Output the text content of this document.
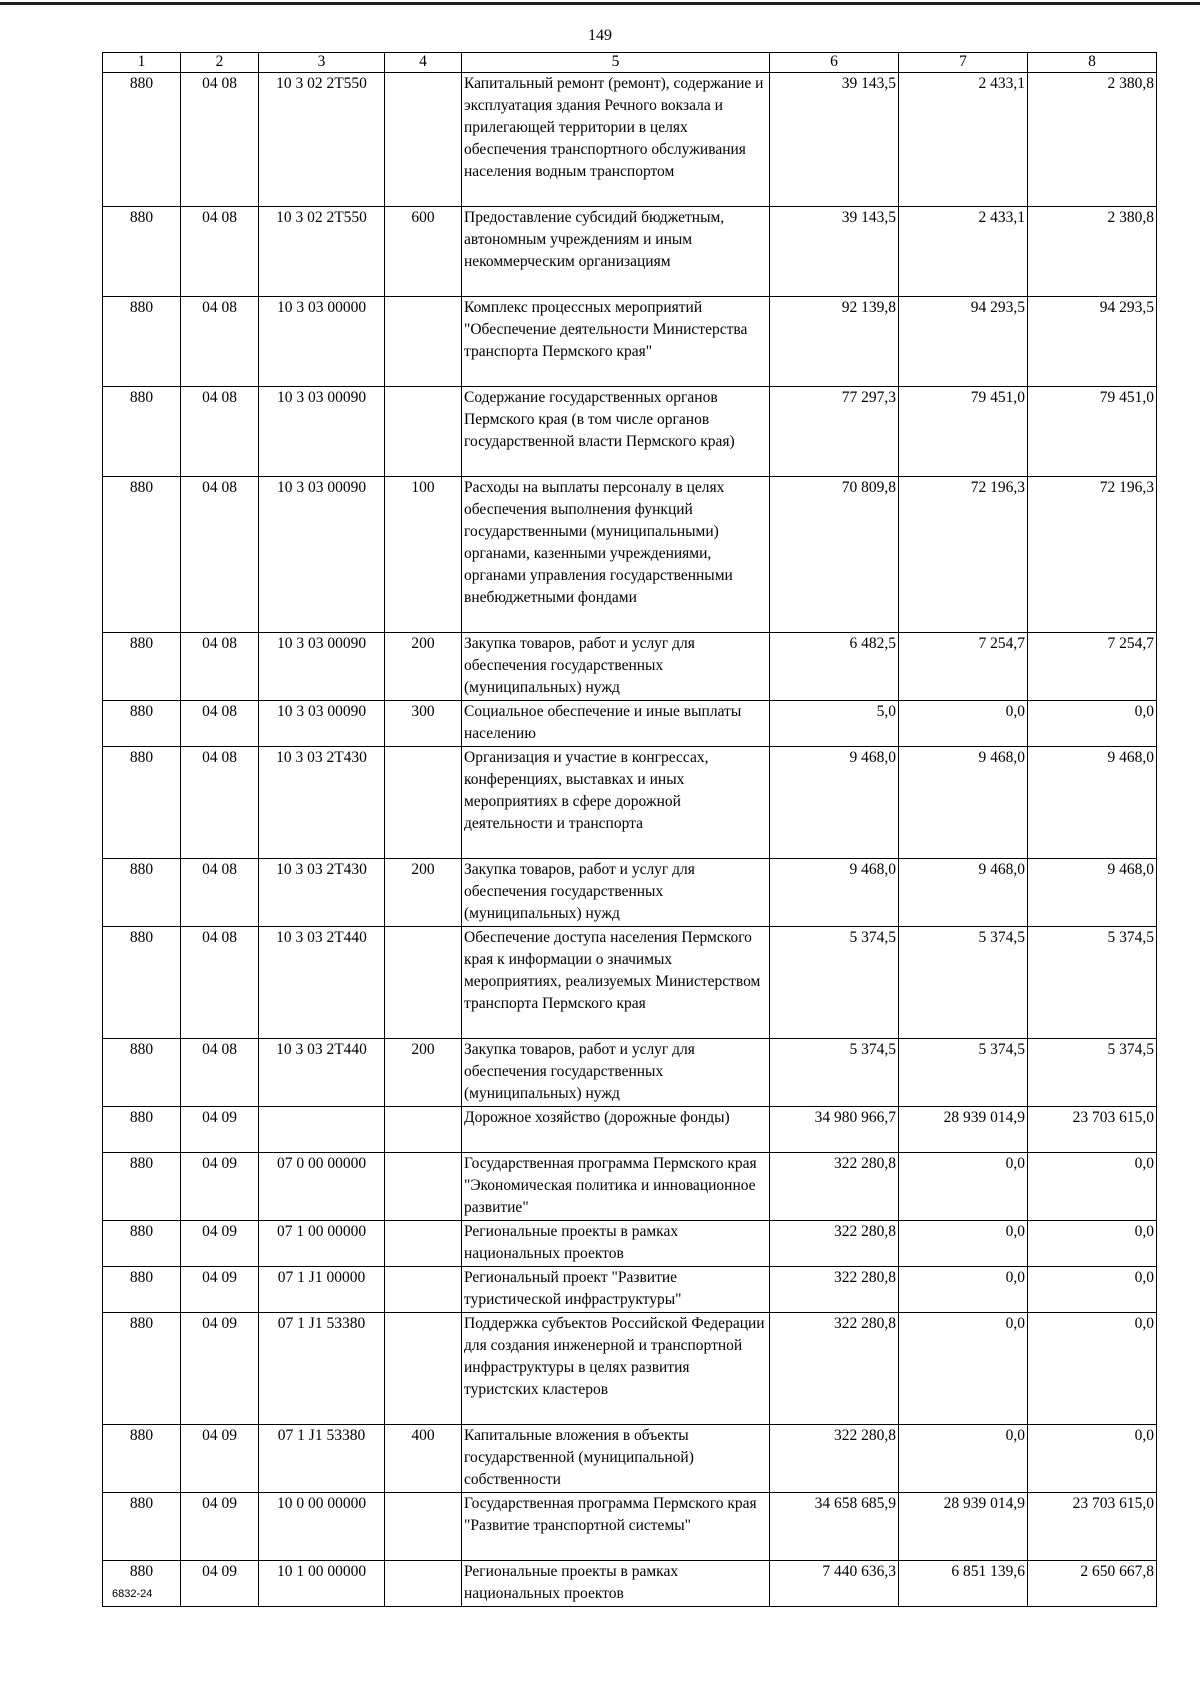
149
1	2	3	4	5	6	7	8
880	04 08	10 3 02 2Т550		Капитальный ремонт (ремонт), содержание и эксплуатация здания Речного вокзала и прилегающей территории в целях обеспечения транспортного обслуживания населения водным транспортом	39 143,5	2 433,1	2 380,8
880	04 08	10 3 02 2Т550	600	Предоставление субсидий бюджетным, автономным учреждениям и иным некоммерческим организациям	39 143,5	2 433,1	2 380,8
880	04 08	10 3 03 00000		Комплекс процессных мероприятий "Обеспечение деятельности Министерства транспорта Пермского края"	92 139,8	94 293,5	94 293,5
880	04 08	10 3 03 00090		Содержание государственных органов Пермского края (в том числе органов государственной власти Пермского края)	77 297,3	79 451,0	79 451,0
880	04 08	10 3 03 00090	100	Расходы на выплаты персоналу в целях обеспечения выполнения функций государственными (муниципальными) органами, казенными учреждениями, органами управления государственными внебюджетными фондами	70 809,8	72 196,3	72 196,3
880	04 08	10 3 03 00090	200	Закупка товаров, работ и услуг для обеспечения государственных (муниципальных) нужд	6 482,5	7 254,7	7 254,7
880	04 08	10 3 03 00090	300	Социальное обеспечение и иные выплаты населению	5,0	0,0	0,0
880	04 08	10 3 03 2Т430		Организация и участие в конгрессах, конференциях, выставках и иных мероприятиях в сфере дорожной деятельности и транспорта	9 468,0	9 468,0	9 468,0
880	04 08	10 3 03 2Т430	200	Закупка товаров, работ и услуг для обеспечения государственных (муниципальных) нужд	9 468,0	9 468,0	9 468,0
880	04 08	10 3 03 2Т440		Обеспечение доступа населения Пермского края к информации о значимых мероприятиях, реализуемых Министерством транспорта Пермского края	5 374,5	5 374,5	5 374,5
880	04 08	10 3 03 2Т440	200	Закупка товаров, работ и услуг для обеспечения государственных (муниципальных) нужд	5 374,5	5 374,5	5 374,5
880	04 09			Дорожное хозяйство (дорожные фонды)	34 980 966,7	28 939 014,9	23 703 615,0
880	04 09	07 0 00 00000		Государственная программа Пермского края "Экономическая политика и инновационное развитие"	322 280,8	0,0	0,0
880	04 09	07 1 00 00000		Региональные проекты в рамках национальных проектов	322 280,8	0,0	0,0
880	04 09	07 1 J1 00000		Региональный проект "Развитие туристической инфраструктуры"	322 280,8	0,0	0,0
880	04 09	07 1 J1 53380		Поддержка субъектов Российской Федерации для создания инженерной и транспортной инфраструктуры в целях развития туристских кластеров	322 280,8	0,0	0,0
880	04 09	07 1 J1 53380	400	Капитальные вложения в объекты государственной (муниципальной) собственности	322 280,8	0,0	0,0
880	04 09	10 0 00 00000		Государственная программа Пермского края "Развитие транспортной системы"	34 658 685,9	28 939 014,9	23 703 615,0
880	04 09	10 1 00 00000		Региональные проекты в рамках национальных проектов	7 440 636,3	6 851 139,6	2 650 667,8
6832-24
